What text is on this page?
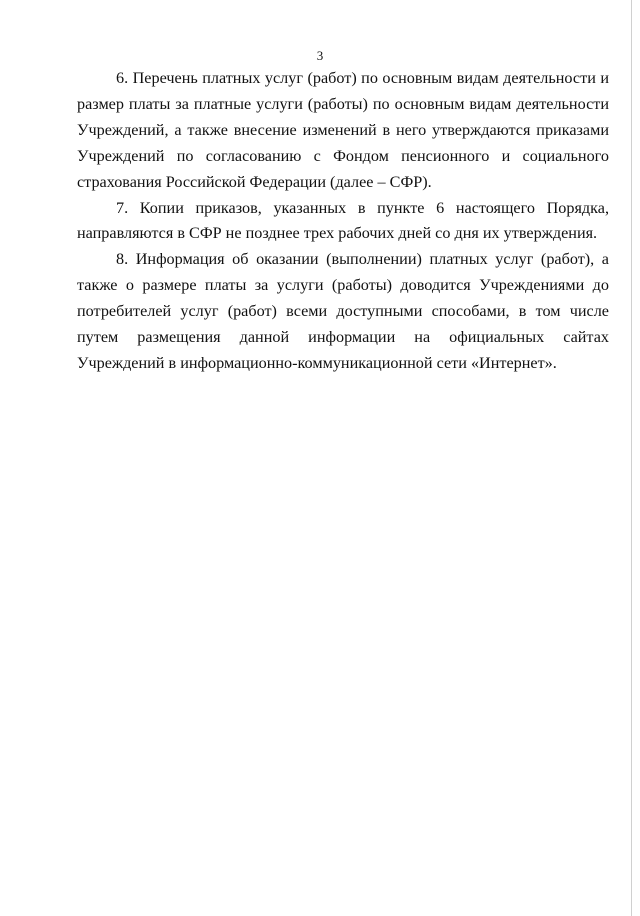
3

6. Перечень платных услуг (работ) по основным видам деятельности и размер платы за платные услуги (работы) по основным видам деятельности Учреждений, а также внесение изменений в него утверждаются приказами Учреждений по согласованию с Фондом пенсионного и социального страхования Российской Федерации (далее – СФР).

7. Копии приказов, указанных в пункте 6 настоящего Порядка, направляются в СФР не позднее трех рабочих дней со дня их утверждения.

8. Информация об оказании (выполнении) платных услуг (работ), а также о размере платы за услуги (работы) доводится Учреждениями до потребителей услуг (работ) всеми доступными способами, в том числе путем размещения данной информации на официальных сайтах Учреждений в информационно-коммуникационной сети «Интернет».
